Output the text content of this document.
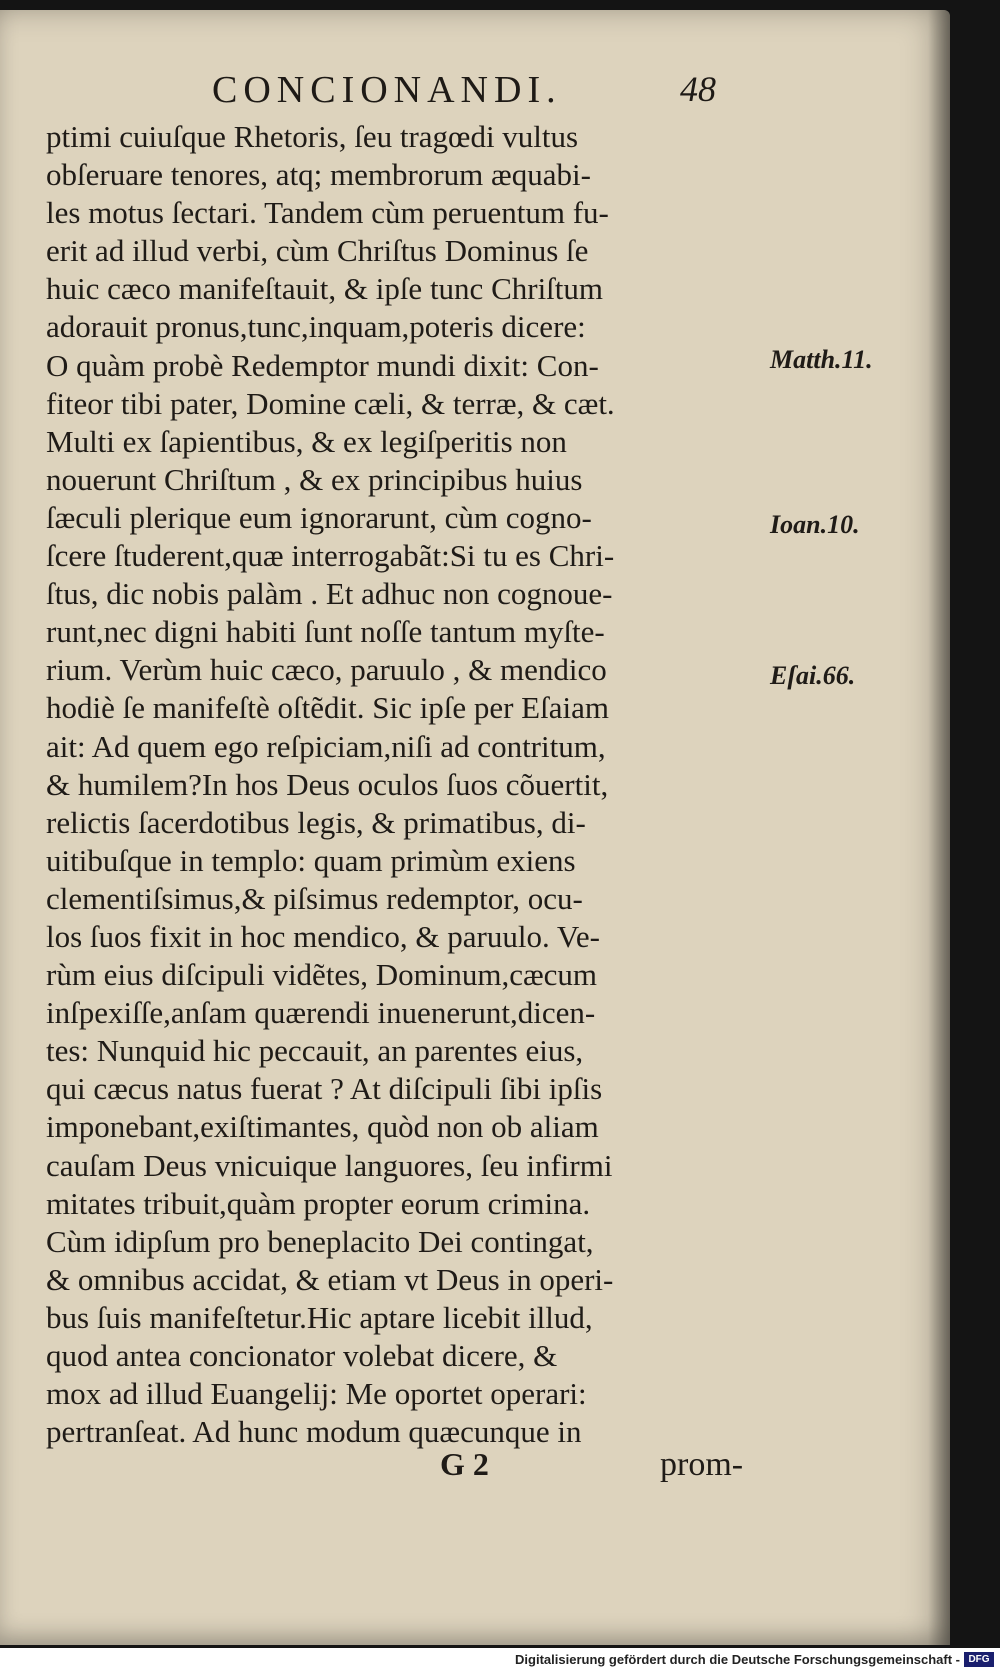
CONCIONANDI.	48
ptimi cuiuſque Rhetoris, ſeu tragœdi vultus
obſeruare tenores, atq; membrorum æquabi-
les motus ſectari. Tandem cùm peruentum fu-
erit ad illud verbi, cùm Chriſtus Dominus ſe
huic cæco manifeſtauit, & ipſe tunc Chriſtum
adorauit pronus,tunc,inquam,poteris dicere:
O quàm probè Redemptor mundi dixit: Con-
fiteor tibi pater, Domine cæli, & terræ, & cæt.
Multi ex ſapientibus, & ex legiſperitis non
nouerunt Chriſtum , & ex principibus huius
ſæculi plerique eum ignorarunt, cùm cogno-
ſcere ſtuderent,quæ interrogabãt:Si tu es Chri-
ſtus, dic nobis palàm . Et adhuc non cognoue-
runt,nec digni habiti ſunt noſſe tantum myſte-
rium. Verùm huic cæco, paruulo , & mendico
hodiè ſe manifeſtè oſtẽdit. Sic ipſe per Eſaiam
ait: Ad quem ego reſpiciam,niſi ad contritum,
& humilem?In hos Deus oculos ſuos cõuertit,
relictis ſacerdotibus legis, & primatibus, di-
uitibuſque in templo: quam primùm exiens
clementiſsimus,& piſsimus redemptor, ocu-
los ſuos fixit in hoc mendico, & paruulo. Ve-
rùm eius diſcipuli vidẽtes, Dominum,cæcum
inſpexiſſe,anſam quærendi inuenerunt,dicen-
tes: Nunquid hic peccauit, an parentes eius,
qui cæcus natus fuerat ? At diſcipuli ſibi ipſis
imponebant,exiſtimantes, quòd non ob aliam
cauſam Deus vnicuique languores, ſeu infirmi
mitates tribuit,quàm propter eorum crimina.
Cùm idipſum pro beneplacito Dei contingat,
& omnibus accidat, & etiam vt Deus in operi-
bus ſuis manifeſtetur.Hic aptare licebit illud,
quod antea concionator volebat dicere, &
mox ad illud Euangelij: Me oportet operari:
pertranſeat. Ad hunc modum quæcunque in
Matth.11.
Ioan.10.
Eſai.66.
G 2	prom-
Digitalisierung gefördert durch die Deutsche Forschungsgemeinschaft - DFG
